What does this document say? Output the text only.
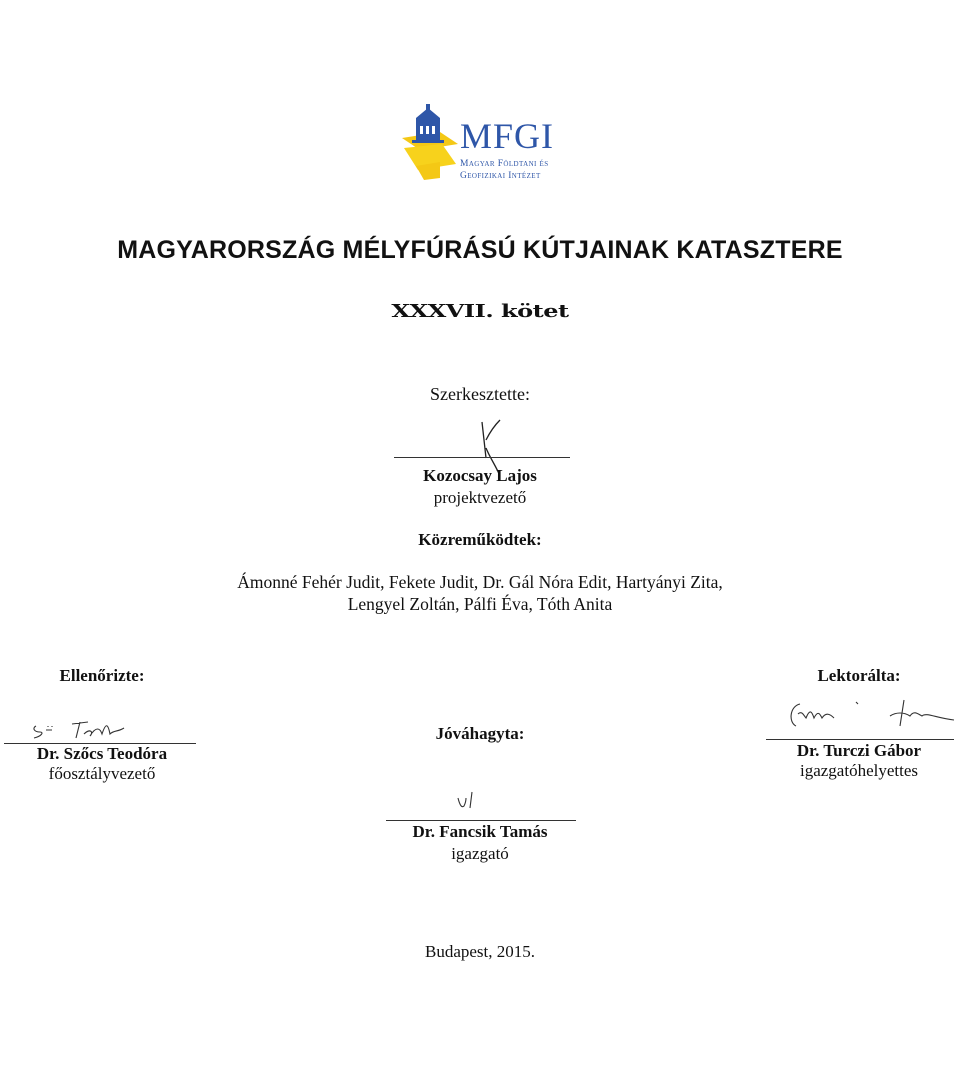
MFGI
Magyar Földtani és
Geofizikai Intézet
MAGYARORSZÁG MÉLYFÚRÁSÚ KÚTJAINAK KATASZTERE
XXXVII. kötet
Szerkesztette:
Kozocsay Lajos
projektvezető
Közreműködtek:
Ámonné Fehér Judit, Fekete Judit, Dr. Gál Nóra Edit, Hartyányi Zita,
Lengyel Zoltán, Pálfi Éva, Tóth Anita
Ellenőrizte:
Dr. Szőcs Teodóra
főosztályvezető
Jóváhagyta:
Dr. Fancsik Tamás
igazgató
Lektorálta:
Dr. Turczi Gábor
igazgatóhelyettes
Budapest, 2015.
